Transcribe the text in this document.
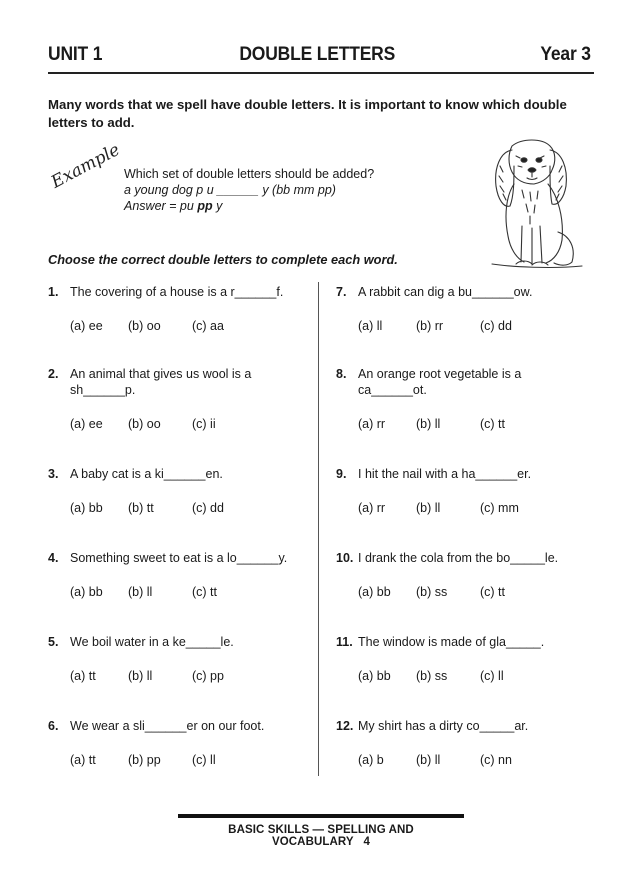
UNIT 1	DOUBLE LETTERS	Year 3

Many words that we spell have double letters. It is important to know which double letters to add.

Example Which set of double letters should be added?
a young dog p u ______ y (bb mm pp)
Answer = pu pp y
Choose the correct double letters to complete each word.
1. The covering of a house is a r______f.
(a) ee (b) oo	(c) aa
2. An animal that gives us wool is a sh______p.
(a) ee (b) oo	(c) ii
3. A baby cat is a ki______en.
(a) bb (b) tt	(c) dd
4. Something sweet to eat is a lo______y.
(a) bb (b) ll	(c) tt
5. We boil water in a ke_____le.
(a) tt	(b) ll	(c) pp
6. We wear a sli______er on our foot.
(a) tt	(b) pp	(c) ll
7. A rabbit can dig a bu______ow.
(a) ll	(b) rr	(c) dd
8. An orange root vegetable is a ca______ot.
(a) rr (b) ll	(c) tt
9. I hit the nail with a ha______er.
(a) rr (b) ll	(c) mm
10. I drank the cola from the bo_____le.
(a) bb (b) ss	(c) tt
11. The window is made of gla_____.
(a) bb (b) ss	(c) ll
12. My shirt has a dirty co_____ar.
(a) b	(b) ll	(c) nn
BASIC SKILLS — SPELLING AND VOCABULARY 4
